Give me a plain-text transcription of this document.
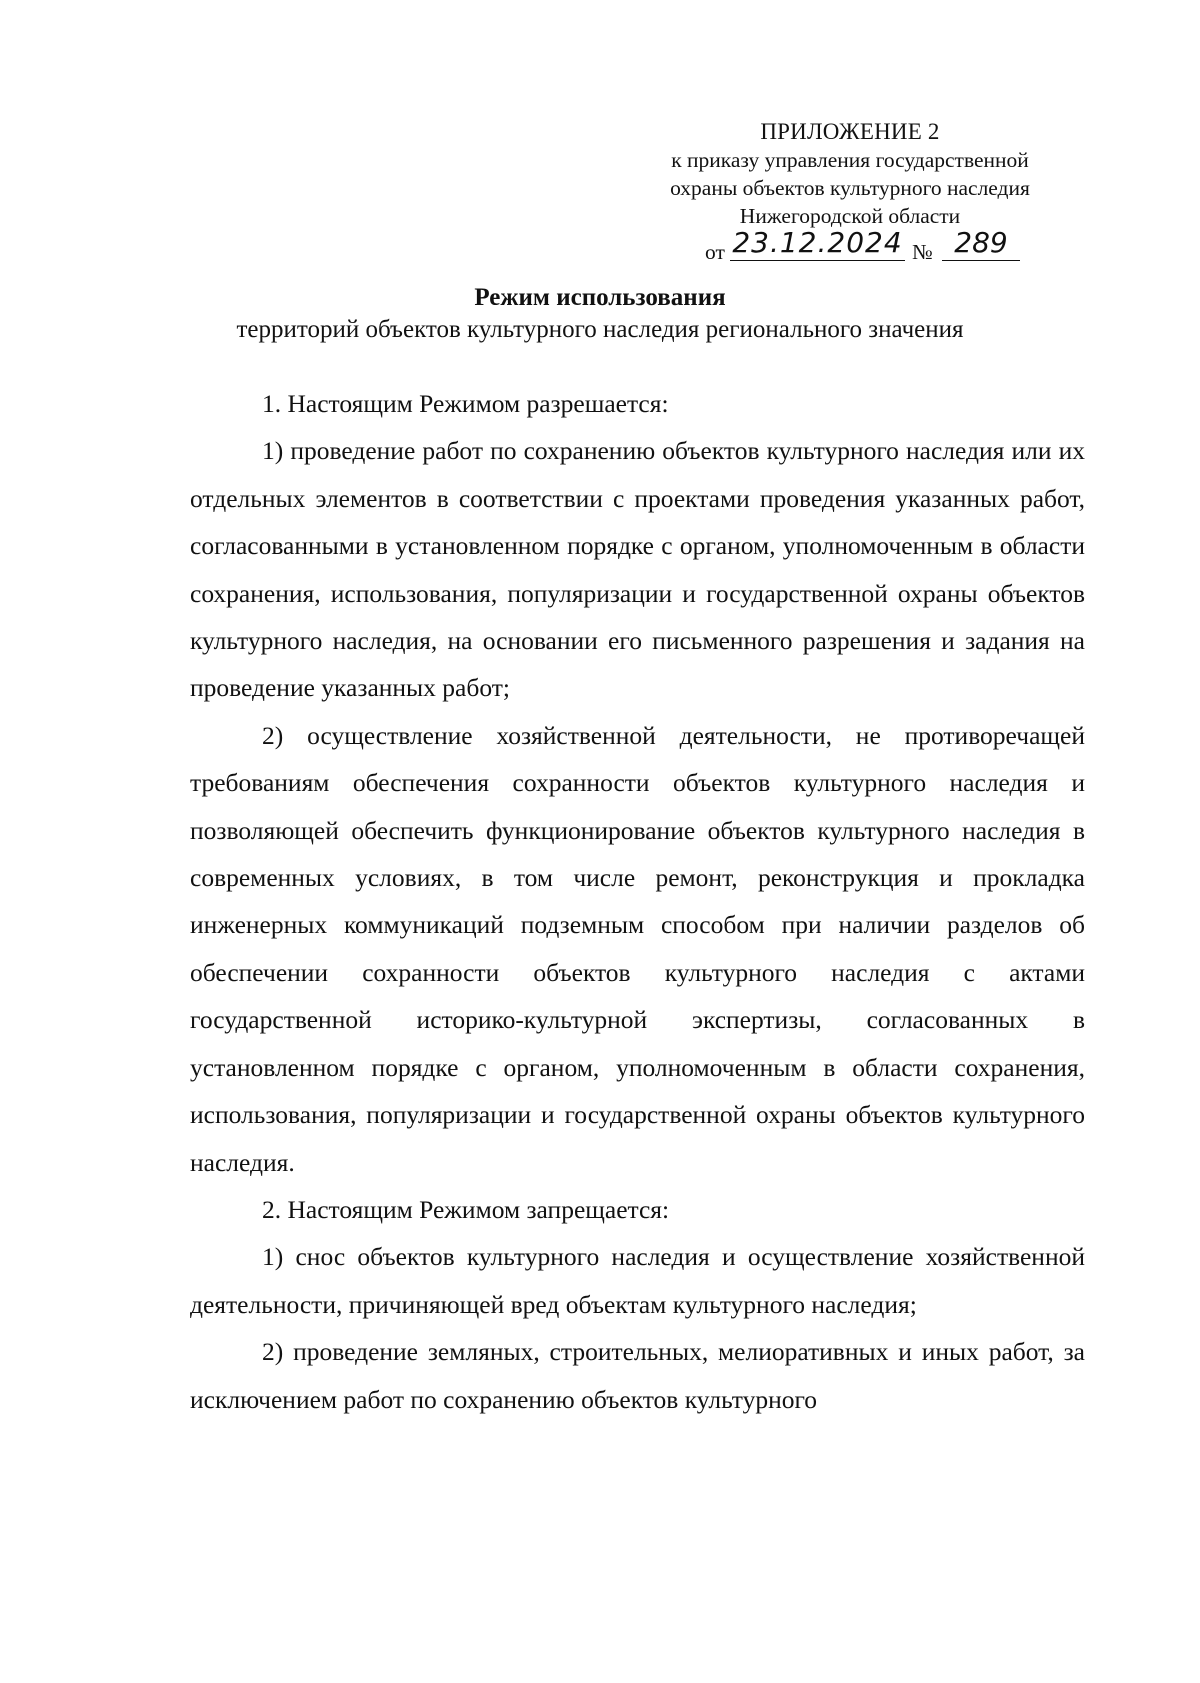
ПРИЛОЖЕНИЕ 2
к приказу управления государственной
охраны объектов культурного наследия
Нижегородской области
от 23.12.2024 № 289
Режим использования
территорий объектов культурного наследия регионального значения

1. Настоящим Режимом разрешается:

1) проведение работ по сохранению объектов культурного наследия или их отдельных элементов в соответствии с проектами проведения указанных работ, согласованными в установленном порядке с органом, уполномоченным в области сохранения, использования, популяризации и государственной охраны объектов культурного наследия, на основании его письменного разрешения и задания на проведение указанных работ;

2) осуществление хозяйственной деятельности, не противоречащей требованиям обеспечения сохранности объектов культурного наследия и позволяющей обеспечить функционирование объектов культурного наследия в современных условиях, в том числе ремонт, реконструкция и прокладка инженерных коммуникаций подземным способом при наличии разделов об обеспечении сохранности объектов культурного наследия с актами государственной историко-культурной экспертизы, согласованных в установленном порядке с органом, уполномоченным в области сохранения, использования, популяризации и государственной охраны объектов культурного наследия.

2. Настоящим Режимом запрещается:

1) снос объектов культурного наследия и осуществление хозяйственной деятельности, причиняющей вред объектам культурного наследия;

2) проведение земляных, строительных, мелиоративных и иных работ, за исключением работ по сохранению объектов культурного
